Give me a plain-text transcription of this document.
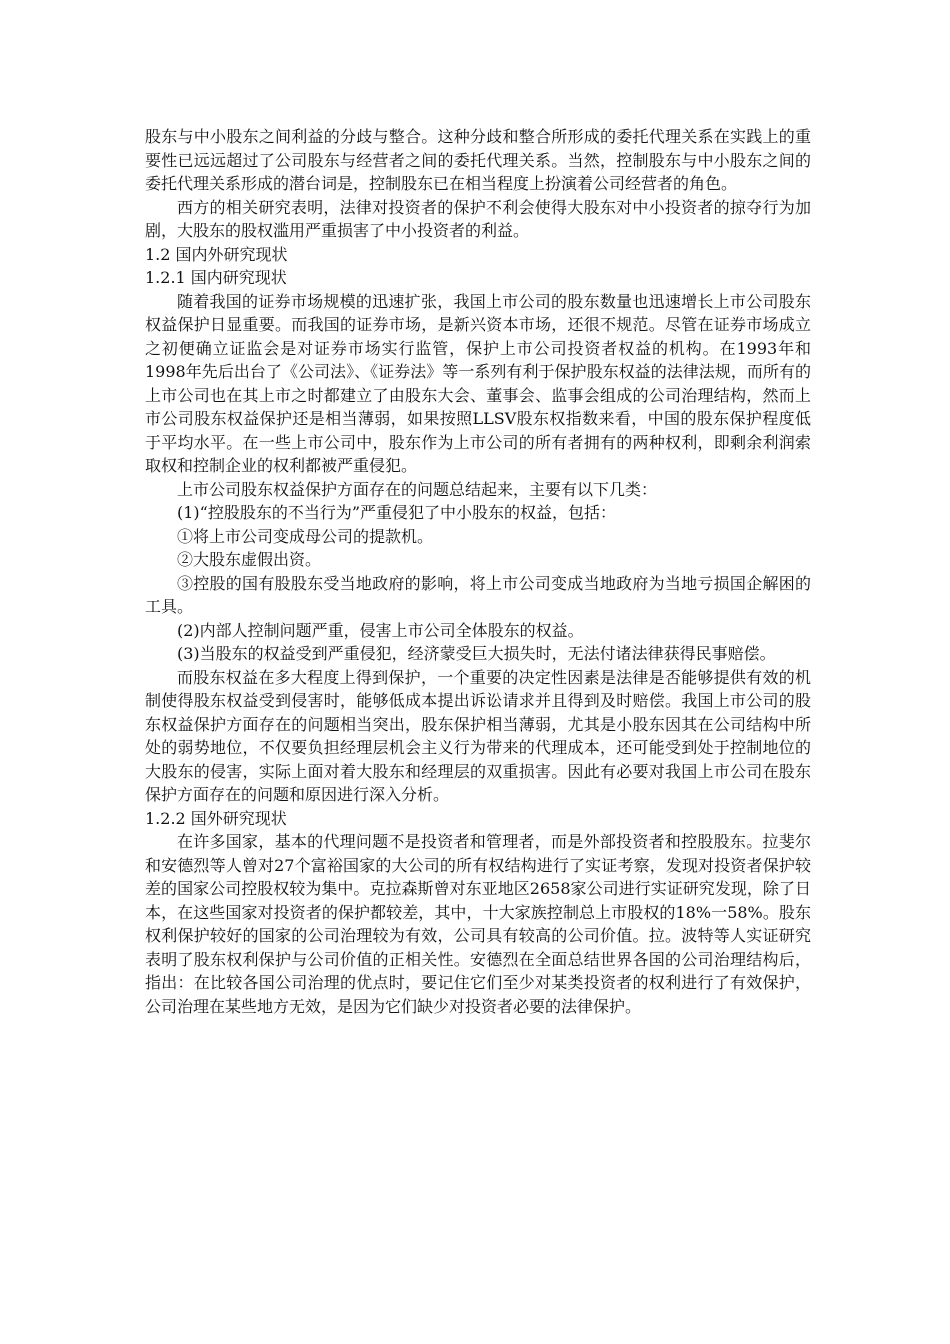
股东与中小股东之间利益的分歧与整合。这种分歧和整合所形成的委托代理关系在实践上的重要性已远远超过了公司股东与经营者之间的委托代理关系。当然，控制股东与中小股东之间的委托代理关系形成的潜台词是，控制股东已在相当程度上扮演着公司经营者的角色。

西方的相关研究表明，法律对投资者的保护不利会使得大股东对中小投资者的掠夺行为加剧，大股东的股权滥用严重损害了中小投资者的利益。

1.2 国内外研究现状

1.2.1 国内研究现状

随着我国的证券市场规模的迅速扩张，我国上市公司的股东数量也迅速增长上市公司股东权益保护日显重要。而我国的证券市场，是新兴资本市场，还很不规范。尽管在证券市场成立之初便确立证监会是对证券市场实行监管，保护上市公司投资者权益的机构。在1993年和1998年先后出台了《公司法》、《证券法》等一系列有利于保护股东权益的法律法规，而所有的上市公司也在其上市之时都建立了由股东大会、董事会、监事会组成的公司治理结构，然而上市公司股东权益保护还是相当薄弱，如果按照LLSV股东权指数来看，中国的股东保护程度低于平均水平。在一些上市公司中，股东作为上市公司的所有者拥有的两种权利，即剩余利润索取权和控制企业的权利都被严重侵犯。

上市公司股东权益保护方面存在的问题总结起来，主要有以下几类：

(1)“控股股东的不当行为”严重侵犯了中小股东的权益，包括：

①将上市公司变成母公司的提款机。

②大股东虚假出资。

③控股的国有股股东受当地政府的影响，将上市公司变成当地政府为当地亏损国企解困的工具。

(2)内部人控制问题严重，侵害上市公司全体股东的权益。

(3)当股东的权益受到严重侵犯，经济蒙受巨大损失时，无法付诸法律获得民事赔偿。

而股东权益在多大程度上得到保护，一个重要的决定性因素是法律是否能够提供有效的机制使得股东权益受到侵害时，能够低成本提出诉讼请求并且得到及时赔偿。我国上市公司的股东权益保护方面存在的问题相当突出，股东保护相当薄弱，尤其是小股东因其在公司结构中所处的弱势地位，不仅要负担经理层机会主义行为带来的代理成本，还可能受到处于控制地位的大股东的侵害，实际上面对着大股东和经理层的双重损害。因此有必要对我国上市公司在股东保护方面存在的问题和原因进行深入分析。

1.2.2 国外研究现状

在许多国家，基本的代理问题不是投资者和管理者，而是外部投资者和控股股东。拉斐尔和安德烈等人曾对27个富裕国家的大公司的所有权结构进行了实证考察，发现对投资者保护较差的国家公司控股权较为集中。克拉森斯曾对东亚地区2658家公司进行实证研究发现，除了日本，在这些国家对投资者的保护都较差，其中，十大家族控制总上市股权的18%一58%。股东权利保护较好的国家的公司治理较为有效，公司具有较高的公司价值。拉。波特等人实证研究表明了股东权利保护与公司价值的正相关性。安德烈在全面总结世界各国的公司治理结构后，指出：在比较各国公司治理的优点时，要记住它们至少对某类投资者的权利进行了有效保护，公司治理在某些地方无效，是因为它们缺少对投资者必要的法律保护。
